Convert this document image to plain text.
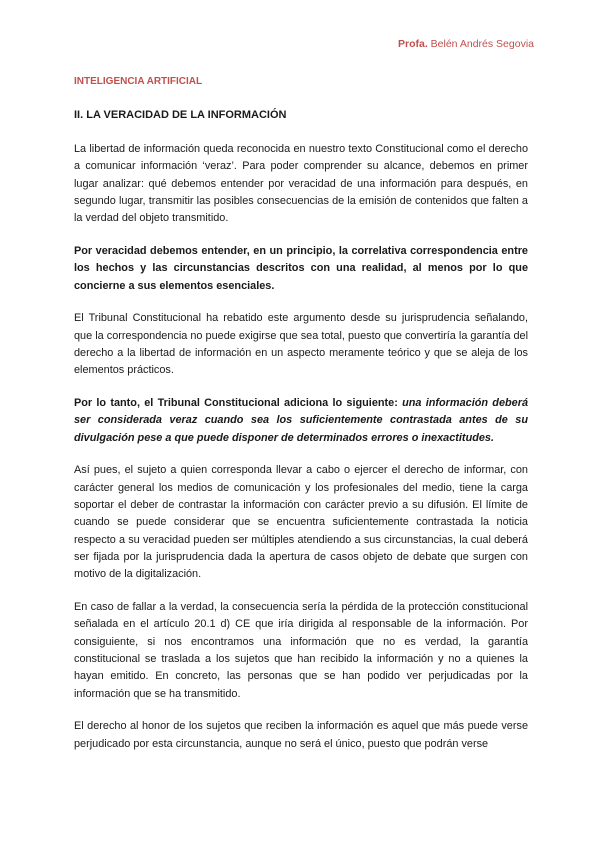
Profa. Belén Andrés Segovia
INTELIGENCIA ARTIFICIAL
II. LA VERACIDAD DE LA INFORMACIÓN

La libertad de información queda reconocida en nuestro texto Constitucional como el derecho a comunicar información ‘veraz’. Para poder comprender su alcance, debemos en primer lugar analizar: qué debemos entender por veracidad de una información para después, en segundo lugar, transmitir las posibles consecuencias de la emisión de contenidos que falten a la verdad del objeto transmitido.

Por veracidad debemos entender, en un principio, la correlativa correspondencia entre los hechos y las circunstancias descritos con una realidad, al menos por lo que concierne a sus elementos esenciales.

El Tribunal Constitucional ha rebatido este argumento desde su jurisprudencia señalando, que la correspondencia no puede exigirse que sea total, puesto que convertiría la garantía del derecho a la libertad de información en un aspecto meramente teórico y que se aleja de los elementos prácticos.

Por lo tanto, el Tribunal Constitucional adiciona lo siguiente: una información deberá ser considerada veraz cuando sea los suficientemente contrastada antes de su divulgación pese a que puede disponer de determinados errores o inexactitudes.

Así pues, el sujeto a quien corresponda llevar a cabo o ejercer el derecho de informar, con carácter general los medios de comunicación y los profesionales del medio, tiene la carga soportar el deber de contrastar la información con carácter previo a su difusión. El límite de cuando se puede considerar que se encuentra suficientemente contrastada la noticia respecto a su veracidad pueden ser múltiples atendiendo a sus circunstancias, la cual deberá ser fijada por la jurisprudencia dada la apertura de casos objeto de debate que surgen con motivo de la digitalización.

En caso de fallar a la verdad, la consecuencia sería la pérdida de la protección constitucional señalada en el artículo 20.1 d) CE que iría dirigida al responsable de la información. Por consiguiente, si nos encontramos una información que no es verdad, la garantía constitucional se traslada a los sujetos que han recibido la información y no a quienes la hayan emitido. En concreto, las personas que se han podido ver perjudicadas por la información que se ha transmitido.

El derecho al honor de los sujetos que reciben la información es aquel que más puede verse perjudicado por esta circunstancia, aunque no será el único, puesto que podrán verse
